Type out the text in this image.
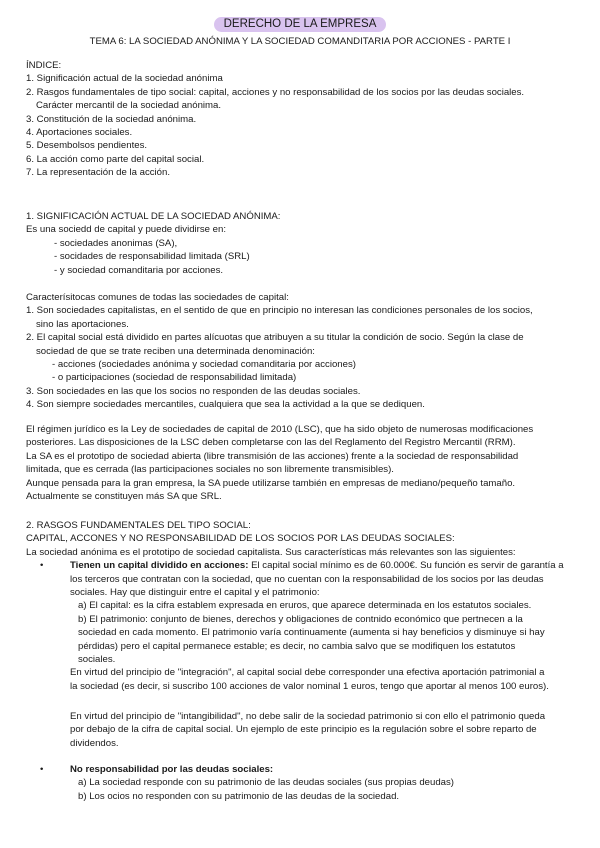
DERECHO DE LA EMPRESA
TEMA 6: LA SOCIEDAD ANÓNIMA Y LA SOCIEDAD COMANDITARIA POR ACCIONES - PARTE I

ÍNDICE:

1. Significación actual de la sociedad anónima

2. Rasgos fundamentales de tipo social: capital, acciones y no responsabilidad de los socios por las deudas sociales.

Carácter mercantil de la sociedad anónima.

3. Constitución de la sociedad anónima.

4. Aportaciones sociales.

5. Desembolsos pendientes.

6. La acción como parte del capital social.

7. La representación de la acción.

1. SIGNIFICACIÓN ACTUAL DE LA SOCIEDAD ANÓNIMA:

Es una sociedd de capital y puede dividirse en:

- sociedades anonimas (SA),

- socidades de responsabilidad limitada (SRL)

- y sociedad comanditaria por acciones.

Caracterísitocas comunes de todas las sociedades de capital:

1. Son sociedades capitalistas, en el sentido de que en principio no interesan las condiciones personales de los socios,

sino las aportaciones.

2. El capital social está dividido en partes alícuotas que atribuyen a su titular la condición de socio. Según la clase de

sociedad de que se trate reciben una determinada denominación:

- acciones (sociedades anónima y sociedad comanditaria por acciones)

- o participaciones (sociedad de responsabilidad limitada)

3. Son sociedades en las que los socios no responden de las deudas sociales.

4. Son siempre sociedades mercantiles, cualquiera que sea la actividad a la que se dediquen.

El régimen jurídico es la Ley de sociedades de capital de 2010 (LSC), que ha sido objeto de numerosas modificaciones

posteriores. Las disposiciones de la LSC deben completarse con las del Reglamento del Registro Mercantil (RRM).

La SA es el prototipo de sociedad abierta (libre transmisión de las acciones) frente a la sociedad de responsabilidad

limitada, que es cerrada (las participaciones sociales no son libremente transmisibles).

Aunque pensada para la gran empresa, la SA puede utilizarse también en empresas de mediano/pequeño tamaño.

Actualmente se constituyen más SA que SRL.

2. RASGOS FUNDAMENTALES DEL TIPO SOCIAL:

CAPITAL, ACCONES Y NO RESPONSABILIDAD DE LOS SOCIOS POR LAS DEUDAS SOCIALES:

La sociedad anónima es el prototipo de sociedad capitalista. Sus características más relevantes son las siguientes:

•	Tienen un capital dividido en acciones: El capital social mínimo es de 60.000€. Su función es servir de garantía a

los terceros que contratan con la sociedad, que no cuentan con la responsabilidad de los socios por las deudas

sociales. Hay que distinguir entre el capital y el patrimonio:

a) El capital: es la cifra establem expresada en eruros, que aparece determinada en los estatutos sociales.

b) El patrimonio: conjunto de bienes, derechos y obligaciones de contnido económico que pertnecen a la

sociedad en cada momento. El patrimonio varía continuamente (aumenta si hay beneficios y disminuye si hay

pérdidas) pero el capital permanece estable; es decir, no cambia salvo que se modifiquen los estatutos

sociales.

En virtud del principio de "integración", al capital social debe corresponder una efectiva aportación patrimonial a

la sociedad (es decir, si suscribo 100 acciones de valor nominal 1 euros, tengo que aportar al menos 100 euros).

En virtud del principio de "intangibilidad", no debe salir de la sociedad patrimonio si con ello el patrimonio queda

por debajo de la cifra de capital social. Un ejemplo de este principio es la regulación sobre el sobre reparto de

dividendos.

•	No responsabilidad por las deudas sociales:

a) La sociedad responde con su patrimonio de las deudas sociales (sus propias deudas)

b) Los ocios no responden con su patrimonio de las deudas de la sociedad.
